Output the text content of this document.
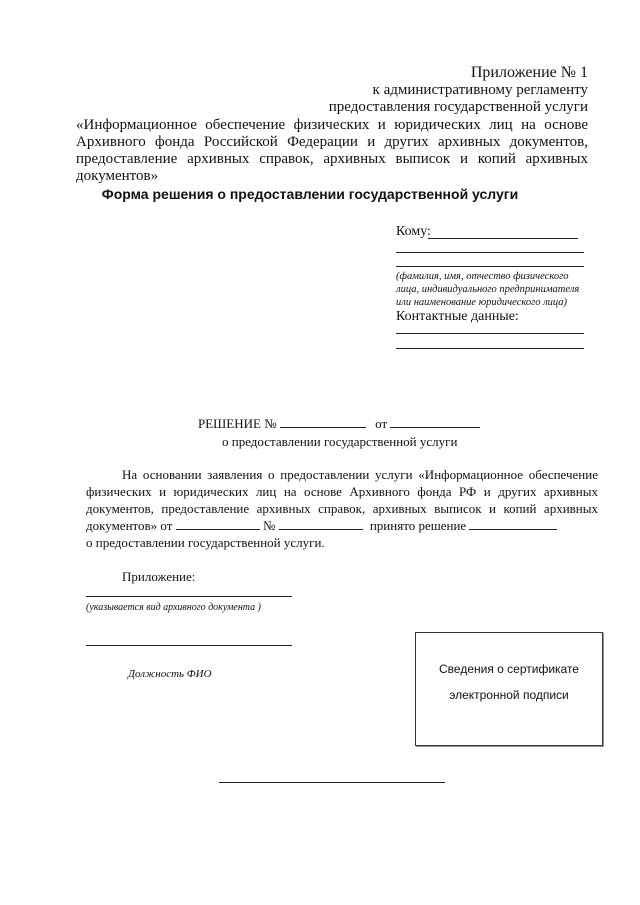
Приложение № 1
к административному регламенту
предоставления государственной услуги
«Информационное обеспечение физических и юридических лиц на основе
Архивного фонда Российской Федерации и других архивных документов,
предоставление архивных справок, архивных выписок и копий архивных
документов»
Форма решения о предоставлении государственной услуги
Кому:
(фамилия, имя, отчество физического
лица, индивидуального предпринимателя
или наименование юридического лица)
Контактные данные:
РЕШЕНИЕ №	от
о предоставлении государственной услуги
На основании заявления о предоставлении услуги «Информационное обеспечение
физических и юридических лиц на основе Архивного фонда РФ и других архивных
документов, предоставление архивных справок, архивных выписок и копий архивных
документов» от	№	принято решение
о предоставлении государственной услуги.
Приложение:
(указывается вид архивного документа )
Должность ФИО	Сведения о сертификате
электронной подписи
